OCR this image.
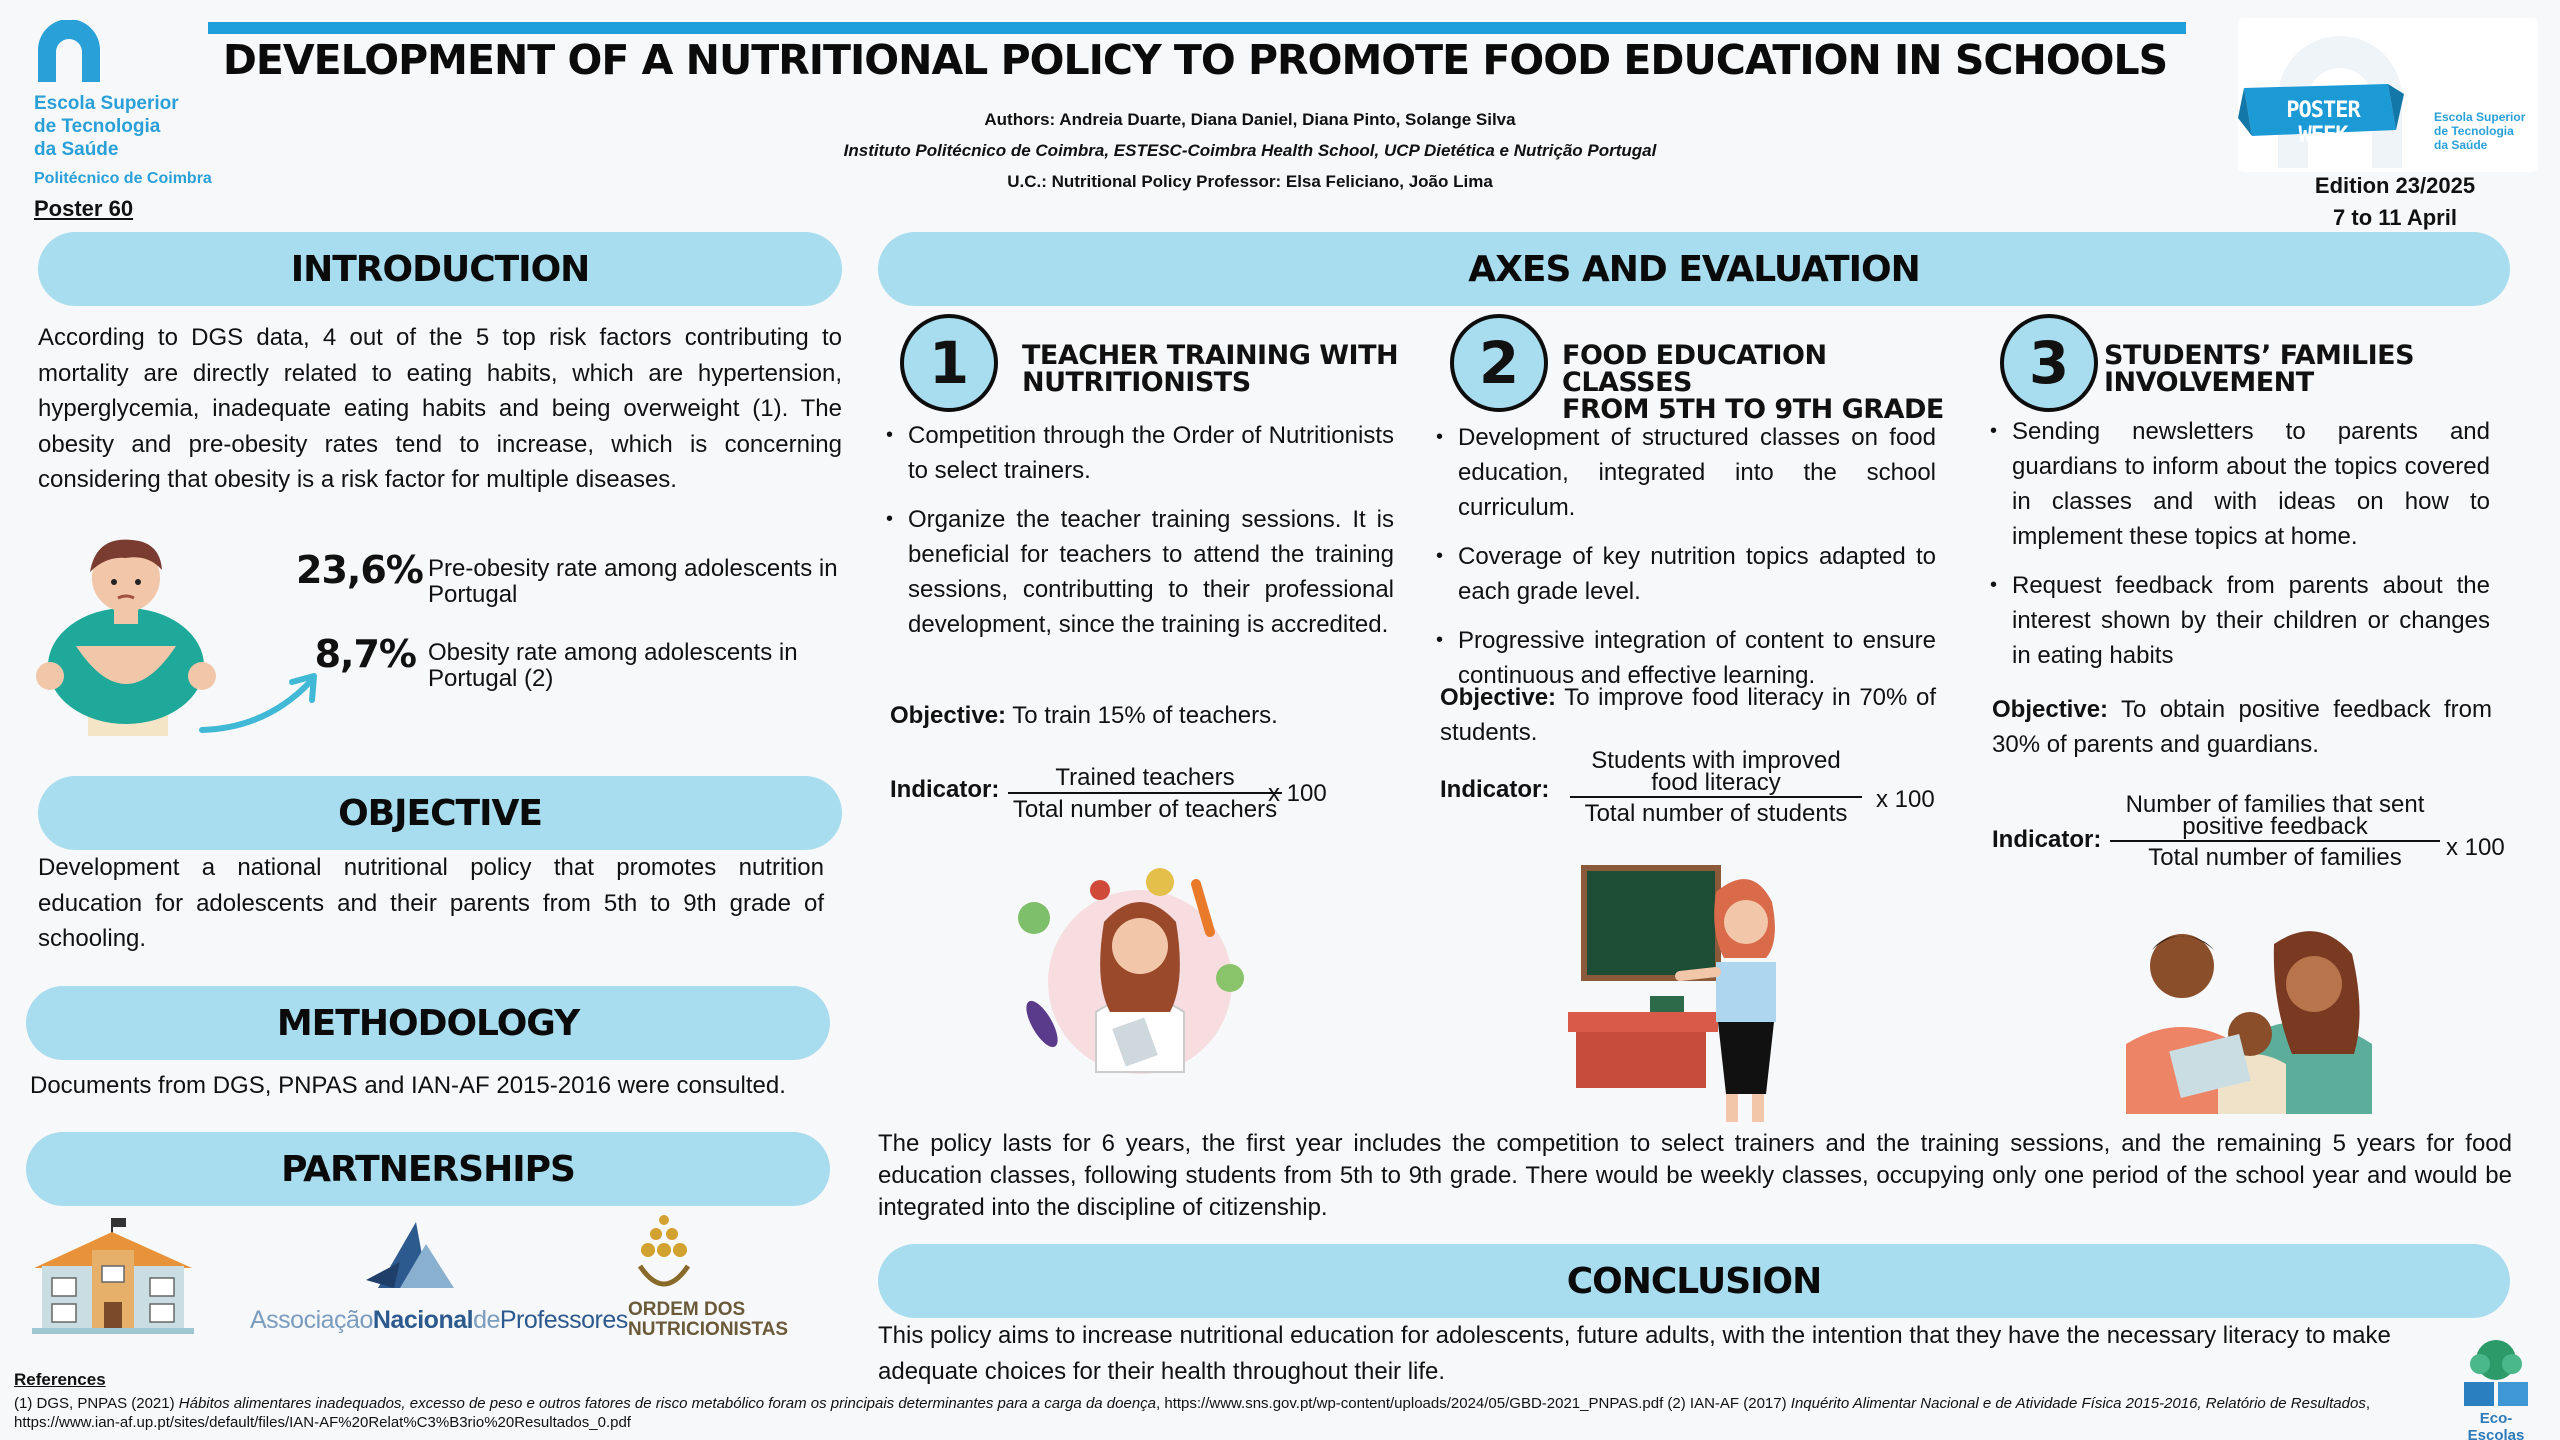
DEVELOPMENT OF A NUTRITIONAL POLICY TO PROMOTE FOOD EDUCATION IN SCHOOLS
Authors: Andreia Duarte, Diana Daniel, Diana Pinto, Solange Silva
Instituto Politécnico de Coimbra, ESTESC-Coimbra Health School, UCP Dietética e Nutrição Portugal
U.C.: Nutritional Policy Professor: Elsa Feliciano, João Lima
Escola Superior
de Tecnologia
da Saúde
Politécnico de Coimbra
Poster 60
POSTER WEEK
Escola Superior
de Tecnologia
da Saúde
Edition 23/2025
7 to 11 April
INTRODUCTION
According to DGS data, 4 out of the 5 top risk factors contributing to mortality are directly related to eating habits, which are hypertension, hyperglycemia, inadequate eating habits and being overweight (1). The obesity and pre-obesity rates tend to increase, which is concerning considering that obesity is a risk factor for multiple diseases.
23,6% Pre-obesity rate among adolescents in Portugal
8,7% Obesity rate among adolescents in Portugal (2)
OBJECTIVE
Development a national nutritional policy that promotes nutrition education for adolescents and their parents from 5th to 9th grade of schooling.
METHODOLOGY
Documents from DGS, PNPAS and IAN-AF 2015-2016 were consulted.
PARTNERSHIPS
AssociaçãoNacionaldeProfessores ORDEM DOS
NUTRICIONISTAS
AXES AND EVALUATION
1	TEACHER TRAINING WITH
NUTRITIONISTS
• Competition through the Order of Nutritionists to select trainers.
• Organize the teacher training sessions. It is beneficial for teachers to attend the training sessions, contributting to their professional development, since the training is accredited.
Objective: To train 15% of teachers.
Indicator:	Trained teachers
Total number of teachers
x 100
2	FOOD EDUCATION CLASSES
FROM 5TH TO 9TH GRADE
• Development of structured classes on food education, integrated into the school curriculum.
• Coverage of key nutrition topics adapted to each grade level.
• Progressive integration of content to ensure continuous and effective learning.
Objective: To improve food literacy in 70% of students.
Indicator:
Students with improved food literacy
Total number of students
x 100
3	STUDENTS’ FAMILIES
INVOLVEMENT
• Sending newsletters to parents and guardians to inform about the topics covered in classes and with ideas on how to implement these topics at home.
• Request feedback from parents about the interest shown by their children or changes in eating habits
Objective: To obtain positive feedback from 30% of parents and guardians.
Indicator:
Number of families that sent positive feedback
Total number of families	x 100
The policy lasts for 6 years, the first year includes the competition to select trainers and the training sessions, and the remaining 5 years for food education classes, following students from 5th to 9th grade. There would be weekly classes, occupying only one period of the school year and would be integrated into the discipline of citizenship.
CONCLUSION
This policy aims to increase nutritional education for adolescents, future adults, with the intention that they have the necessary literacy to make adequate choices for their health throughout their life.
References
(1) DGS, PNPAS (2021) Hábitos alimentares inadequados, excesso de peso e outros fatores de risco metabólico foram os principais determinantes para a carga da doença, https://www.sns.gov.pt/wp-content/uploads/2024/05/GBD-2021_PNPAS.pdf (2) IAN-AF (2017) Inquérito Alimentar Nacional e de Atividade Física 2015-2016, Relatório de Resultados, https://www.ian-af.up.pt/sites/default/files/IAN-AF%20Relat%C3%B3rio%20Resultados_0.pdf	Eco-Escolas
